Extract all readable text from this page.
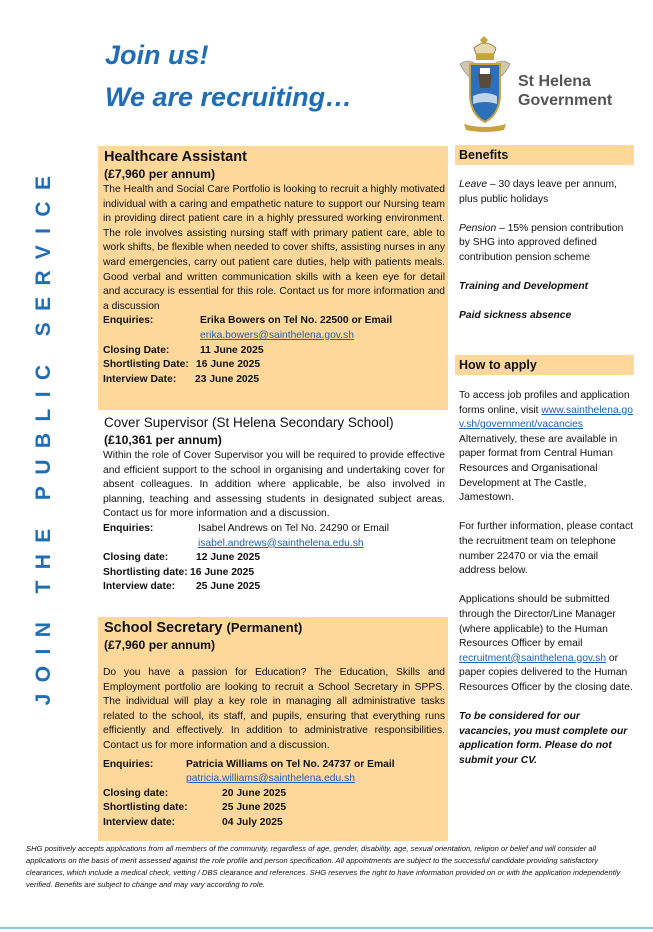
Join us!
We are recruiting…
St Helena
Government
JOIN THE PUBLIC SERVICE
Healthcare Assistant
(£7,960 per annum)
The Health and Social Care Portfolio is looking to recruit a highly motivated individual with a caring and empathetic nature to support our Nursing team in providing direct patient care in a highly pressured working environment. The role involves assisting nursing staff with primary patient care, able to work shifts, be flexible when needed to cover shifts, assisting nurses in any ward emergencies, carry out patient care duties, help with patients meals. Good verbal and written communication skills with a keen eye for detail and accuracy is essential for this role. Contact us for more information and a discussion
Enquiries:	Erika Bowers on Tel No. 22500 or Email
erika.bowers@sainthelena.gov.sh
Closing Date:	11 June 2025
Shortlisting Date: 16 June 2025
Interview Date: 23 June 2025
Cover Supervisor (St Helena Secondary School)
(£10,361 per annum)
Within the role of Cover Supervisor you will be required to provide effective and efficient support to the school in organising and undertaking cover for absent colleagues. In addition where applicable, be also involved in planning, teaching and assessing students in designated subject areas. Contact us for more information and a discussion.
Enquiries:	Isabel Andrews on Tel No. 24290 or Email
isabel.andrews@sainthelena.edu.sh
Closing date:	12 June 2025
Shortlisting date: 16 June 2025
Interview date: 25 June 2025
School Secretary (Permanent)
(£7,960 per annum)
Do you have a passion for Education? The Education, Skills and Employment portfolio are looking to recruit a School Secretary in SPPS. The individual will play a key role in managing all administrative tasks related to the school, its staff, and pupils, ensuring that everything runs efficiently and effectively. In addition to administrative responsibilities. Contact us for more information and a discussion.
Enquiries:	Patricia Williams on Tel No. 24737 or Email
patricia.williams@sainthelena.edu.sh
Closing date:	20 June 2025
Shortlisting date:	25 June 2025
Interview date:	04 July 2025
Benefits

Leave – 30 days leave per annum, plus public holidays

Pension – 15% pension contribution by SHG into approved defined contribution pension scheme

Training and Development

Paid sickness absence

How to apply

To access job profiles and application forms online, visit www.sainthelena.gov.sh/government/vacancies Alternatively, these are available in paper format from Central Human Resources and Organisational Development at The Castle, Jamestown.

For further information, please contact the recruitment team on telephone number 22470 or via the email address below.

Applications should be submitted through the Director/Line Manager (where applicable) to the Human Resources Officer by email recruitment@sainthelena.gov.sh or paper copies delivered to the Human Resources Officer by the closing date.

To be considered for our vacancies, you must complete our application form. Please do not submit your CV.

SHG positively accepts applications from all members of the community, regardless of age, gender, disability, age, sexual orientation, religion or belief and will consider all applications on the basis of merit assessed against the role profile and person specification. All appointments are subject to the successful candidate providing satisfactory clearances, which include a medical check, vetting / DBS clearance and references. SHG reserves the right to have information provided on or with the application independently verified. Benefits are subject to change and may vary according to role.
